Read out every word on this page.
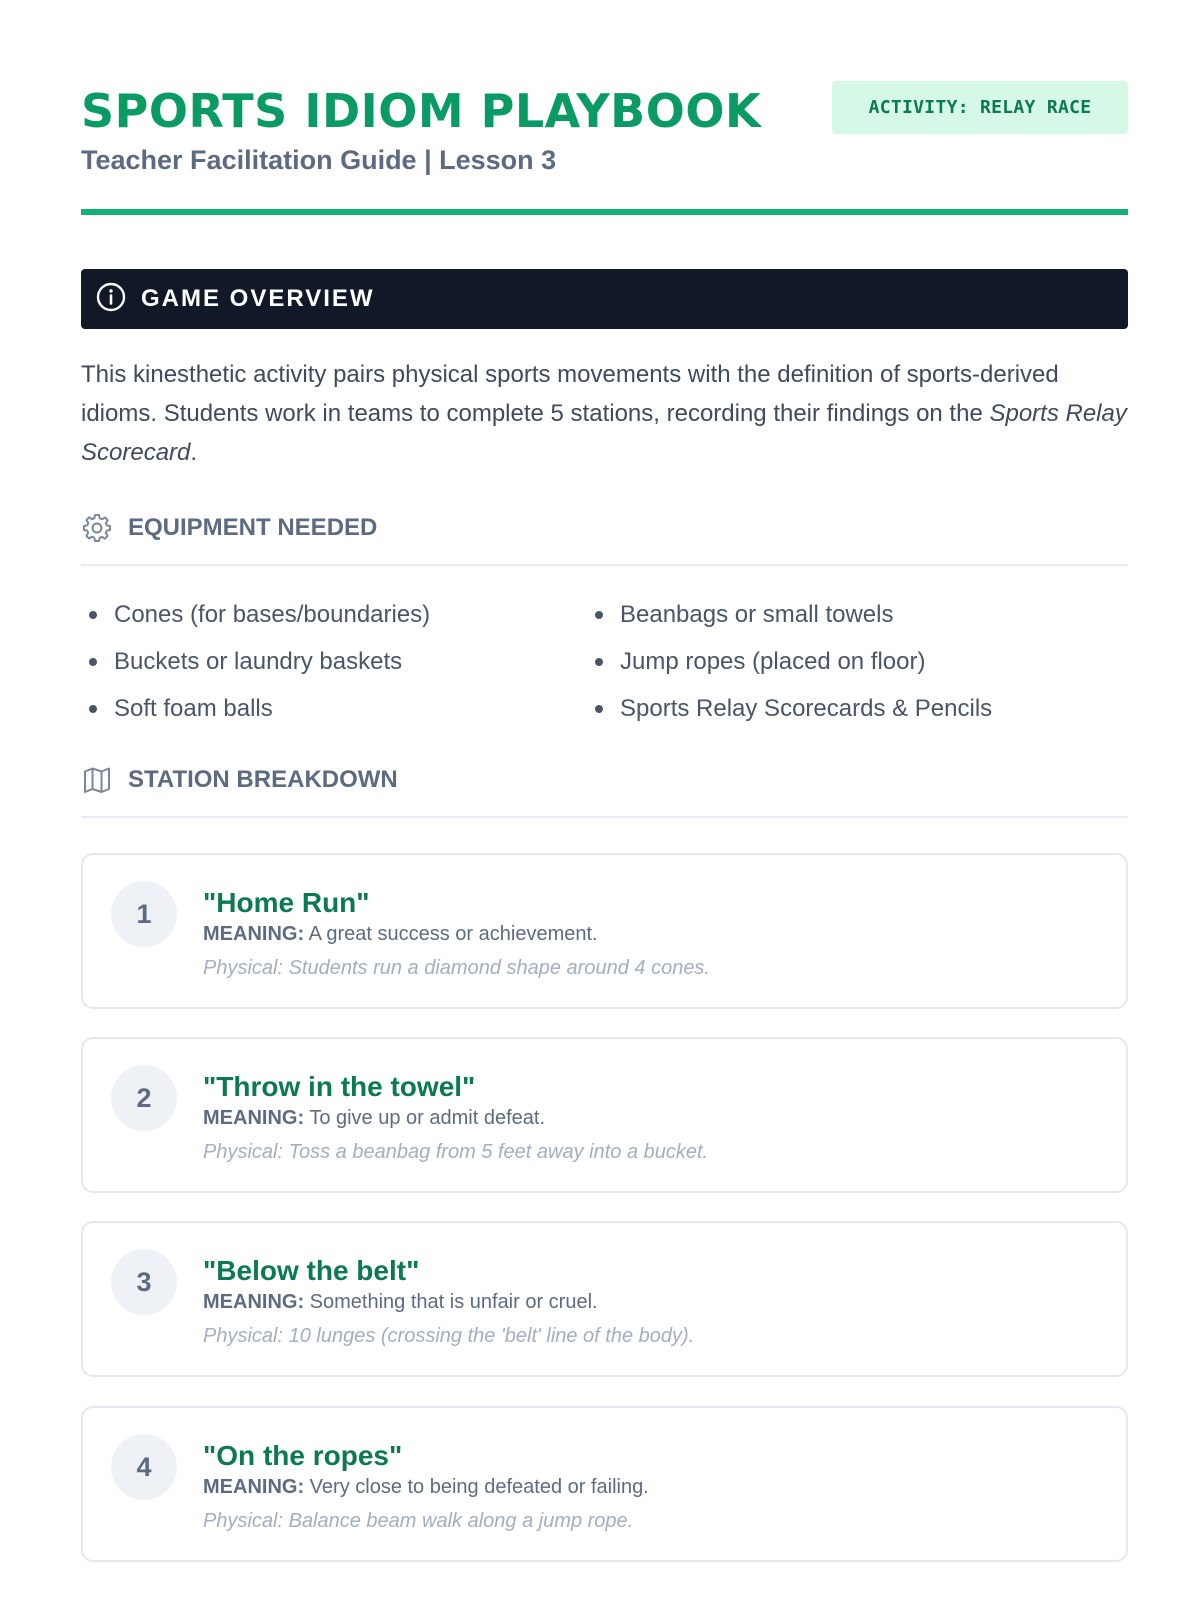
SPORTS IDIOM PLAYBOOK
Teacher Facilitation Guide | Lesson 3
ACTIVITY: RELAY RACE
GAME OVERVIEW

This kinesthetic activity pairs physical sports movements with the definition of sports-derived idioms. Students work in teams to complete 5 stations, recording their findings on the Sports Relay Scorecard.

EQUIPMENT NEEDED
Cones (for bases/boundaries)	Beanbags or small towels
Buckets or laundry baskets	Jump ropes (placed on floor)
Soft foam balls	Sports Relay Scorecards & Pencils
STATION BREAKDOWN
1	"Home Run"
MEANING: A great success or achievement.
Physical: Students run a diamond shape around 4 cones.
2	"Throw in the towel"
MEANING: To give up or admit defeat.
Physical: Toss a beanbag from 5 feet away into a bucket.
3	"Below the belt"
MEANING: Something that is unfair or cruel.
Physical: 10 lunges (crossing the 'belt' line of the body).
4	"On the ropes"
MEANING: Very close to being defeated or failing.
Physical: Balance beam walk along a jump rope.
